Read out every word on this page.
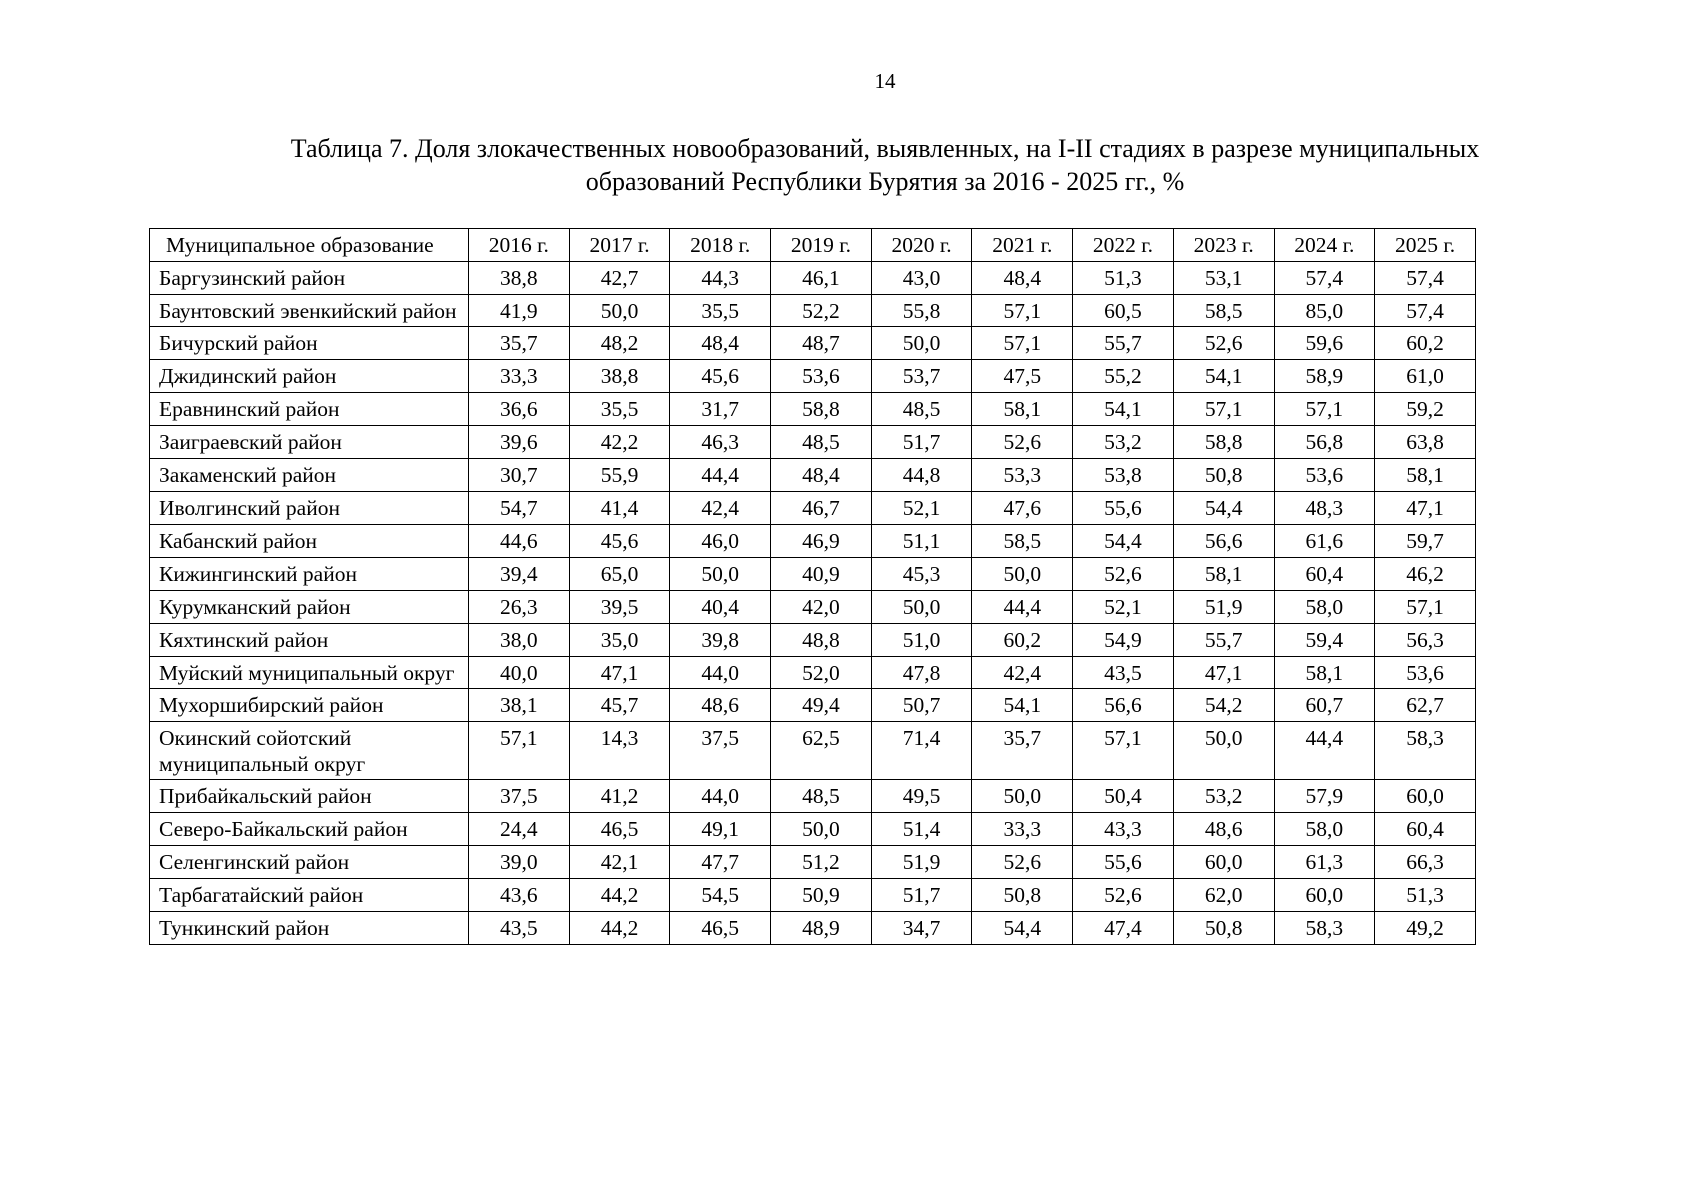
14
Таблица 7. Доля злокачественных новообразований, выявленных, на I-II стадиях в разрезе муниципальных
образований Республики Бурятия за 2016 - 2025 гг., %
Муниципальное образование	2016 г.	2017 г.	2018 г.	2019 г.	2020 г.	2021 г.	2022 г.	2023 г.	2024 г.	2025 г.
Баргузинский район	38,8	42,7	44,3	46,1	43,0	48,4	51,3	53,1	57,4	57,4
Баунтовский эвенкийский район	41,9	50,0	35,5	52,2	55,8	57,1	60,5	58,5	85,0	57,4
Бичурский район	35,7	48,2	48,4	48,7	50,0	57,1	55,7	52,6	59,6	60,2
Джидинский район	33,3	38,8	45,6	53,6	53,7	47,5	55,2	54,1	58,9	61,0
Еравнинский район	36,6	35,5	31,7	58,8	48,5	58,1	54,1	57,1	57,1	59,2
Заиграевский район	39,6	42,2	46,3	48,5	51,7	52,6	53,2	58,8	56,8	63,8
Закаменский район	30,7	55,9	44,4	48,4	44,8	53,3	53,8	50,8	53,6	58,1
Иволгинский район	54,7	41,4	42,4	46,7	52,1	47,6	55,6	54,4	48,3	47,1
Кабанский район	44,6	45,6	46,0	46,9	51,1	58,5	54,4	56,6	61,6	59,7
Кижингинский район	39,4	65,0	50,0	40,9	45,3	50,0	52,6	58,1	60,4	46,2
Курумканский район	26,3	39,5	40,4	42,0	50,0	44,4	52,1	51,9	58,0	57,1
Кяхтинский район	38,0	35,0	39,8	48,8	51,0	60,2	54,9	55,7	59,4	56,3
Муйский муниципальный округ	40,0	47,1	44,0	52,0	47,8	42,4	43,5	47,1	58,1	53,6
Мухоршибирский район	38,1	45,7	48,6	49,4	50,7	54,1	56,6	54,2	60,7	62,7
Окинский сойотский муниципальный округ	57,1	14,3	37,5	62,5	71,4	35,7	57,1	50,0	44,4	58,3
Прибайкальский район	37,5	41,2	44,0	48,5	49,5	50,0	50,4	53,2	57,9	60,0
Северо-Байкальский район	24,4	46,5	49,1	50,0	51,4	33,3	43,3	48,6	58,0	60,4
Селенгинский район	39,0	42,1	47,7	51,2	51,9	52,6	55,6	60,0	61,3	66,3
Тарбагатайский район	43,6	44,2	54,5	50,9	51,7	50,8	52,6	62,0	60,0	51,3
Тункинский район	43,5	44,2	46,5	48,9	34,7	54,4	47,4	50,8	58,3	49,2
